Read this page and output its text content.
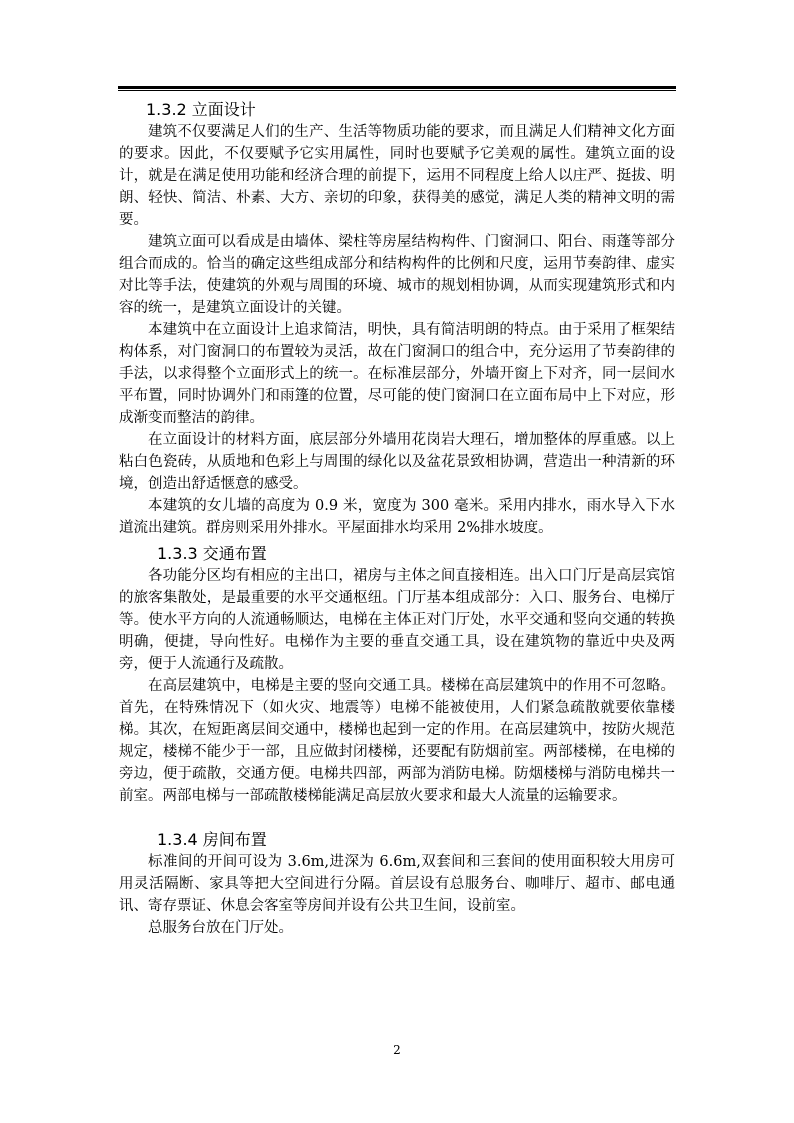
1.3.2 立面设计

建筑不仅要满足人们的生产、生活等物质功能的要求，而且满足人们精神文化方面的要求。因此，不仅要赋予它实用属性，同时也要赋予它美观的属性。建筑立面的设计，就是在满足使用功能和经济合理的前提下，运用不同程度上给人以庄严、挺拔、明朗、轻快、简洁、朴素、大方、亲切的印象，获得美的感觉，满足人类的精神文明的需要。

建筑立面可以看成是由墙体、梁柱等房屋结构构件、门窗洞口、阳台、雨蓬等部分组合而成的。恰当的确定这些组成部分和结构构件的比例和尺度，运用节奏韵律、虚实对比等手法，使建筑的外观与周围的环境、城市的规划相协调，从而实现建筑形式和内容的统一，是建筑立面设计的关键。

本建筑中在立面设计上追求简洁，明快，具有简洁明朗的特点。由于采用了框架结构体系，对门窗洞口的布置较为灵活，故在门窗洞口的组合中，充分运用了节奏韵律的手法，以求得整个立面形式上的统一。在标准层部分，外墙开窗上下对齐，同一层间水平布置，同时协调外门和雨篷的位置，尽可能的使门窗洞口在立面布局中上下对应，形成渐变而整洁的韵律。

在立面设计的材料方面，底层部分外墙用花岗岩大理石，增加整体的厚重感。以上粘白色瓷砖，从质地和色彩上与周围的绿化以及盆花景致相协调，营造出一种清新的环境，创造出舒适惬意的感受。

本建筑的女儿墙的高度为 0.9 米，宽度为 300 毫米。采用内排水，雨水导入下水道流出建筑。群房则采用外排水。平屋面排水均采用 2%排水坡度。

1.3.3 交通布置

各功能分区均有相应的主出口，裙房与主体之间直接相连。出入口门厅是高层宾馆的旅客集散处，是最重要的水平交通枢纽。门厅基本组成部分：入口、服务台、电梯厅等。使水平方向的人流通畅顺达，电梯在主体正对门厅处，水平交通和竖向交通的转换明确，便捷，导向性好。电梯作为主要的垂直交通工具，设在建筑物的靠近中央及两旁，便于人流通行及疏散。

在高层建筑中，电梯是主要的竖向交通工具。楼梯在高层建筑中的作用不可忽略。首先，在特殊情况下（如火灾、地震等）电梯不能被使用，人们紧急疏散就要依靠楼梯。其次，在短距离层间交通中，楼梯也起到一定的作用。在高层建筑中，按防火规范规定，楼梯不能少于一部，且应做封闭楼梯，还要配有防烟前室。两部楼梯，在电梯的旁边，便于疏散，交通方便。电梯共四部，两部为消防电梯。防烟楼梯与消防电梯共一前室。两部电梯与一部疏散楼梯能满足高层放火要求和最大人流量的运输要求。

1.3.4 房间布置

标准间的开间可设为 3.6m,进深为 6.6m,双套间和三套间的使用面积较大用房可用灵活隔断、家具等把大空间进行分隔。首层设有总服务台、咖啡厅、超市、邮电通讯、寄存票证、休息会客室等房间并设有公共卫生间，设前室。

总服务台放在门厅处。

2
